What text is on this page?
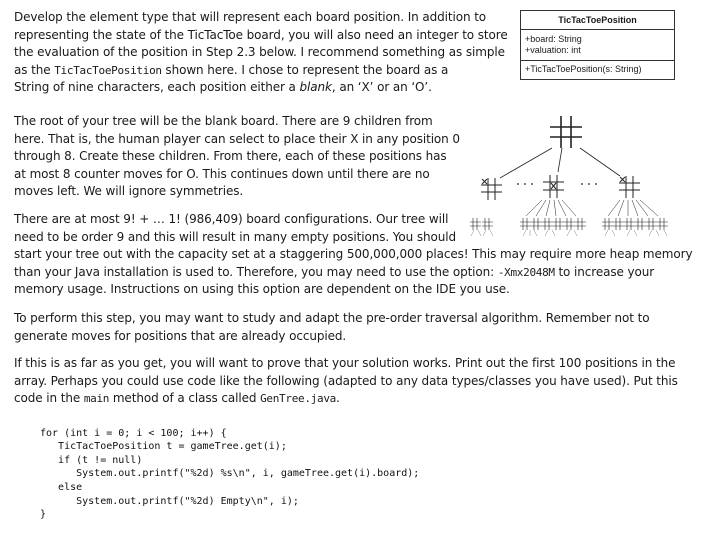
Develop the element type that will represent each board position. In addition to
representing the state of the TicTacToe board, you will also need an integer to store
the evaluation of the position in Step 2.3 below. I recommend something as simple
as the TicTacToePosition shown here. I chose to represent the board as a
String of nine characters, each position either a blank, an ‘X’ or an ‘O’.
TicTacToePosition
+board: String
+valuation: int
+TicTacToePosition(s: String)
The root of your tree will be the blank board. There are 9 children from
here. That is, the human player can select to place their X in any position 0
through 8. Create these children. From there, each of these positions has
at most 8 counter moves for O. This continues down until there are no
moves left. We will ignore symmetries.
There are at most 9! + … 1! (986,409) board configurations. Our tree will
need to be order 9 and this will result in many empty positions. You should
start your tree out with the capacity set at a staggering 500,000,000 places! This may require more heap memory
than your Java installation is used to. Therefore, you may need to use the option: -Xmx2048M to increase your
memory usage. Instructions on using this option are dependent on the IDE you use.
To perform this step, you may want to study and adapt the pre-order traversal algorithm. Remember not to
generate moves for positions that are already occupied.
If this is as far as you get, you will want to prove that your solution works. Print out the first 100 positions in the
array. Perhaps you could use code like the following (adapted to any data types/classes you have used). Put this
code in the main method of a class called GenTree.java.

for (int i = 0; i < 100; i++) {
TicTacToePosition t = gameTree.get(i);
if (t != null)
System.out.printf("%2d) %s\n", i, gameTree.get(i).board);
else
System.out.printf("%2d) Empty\n", i);
}
